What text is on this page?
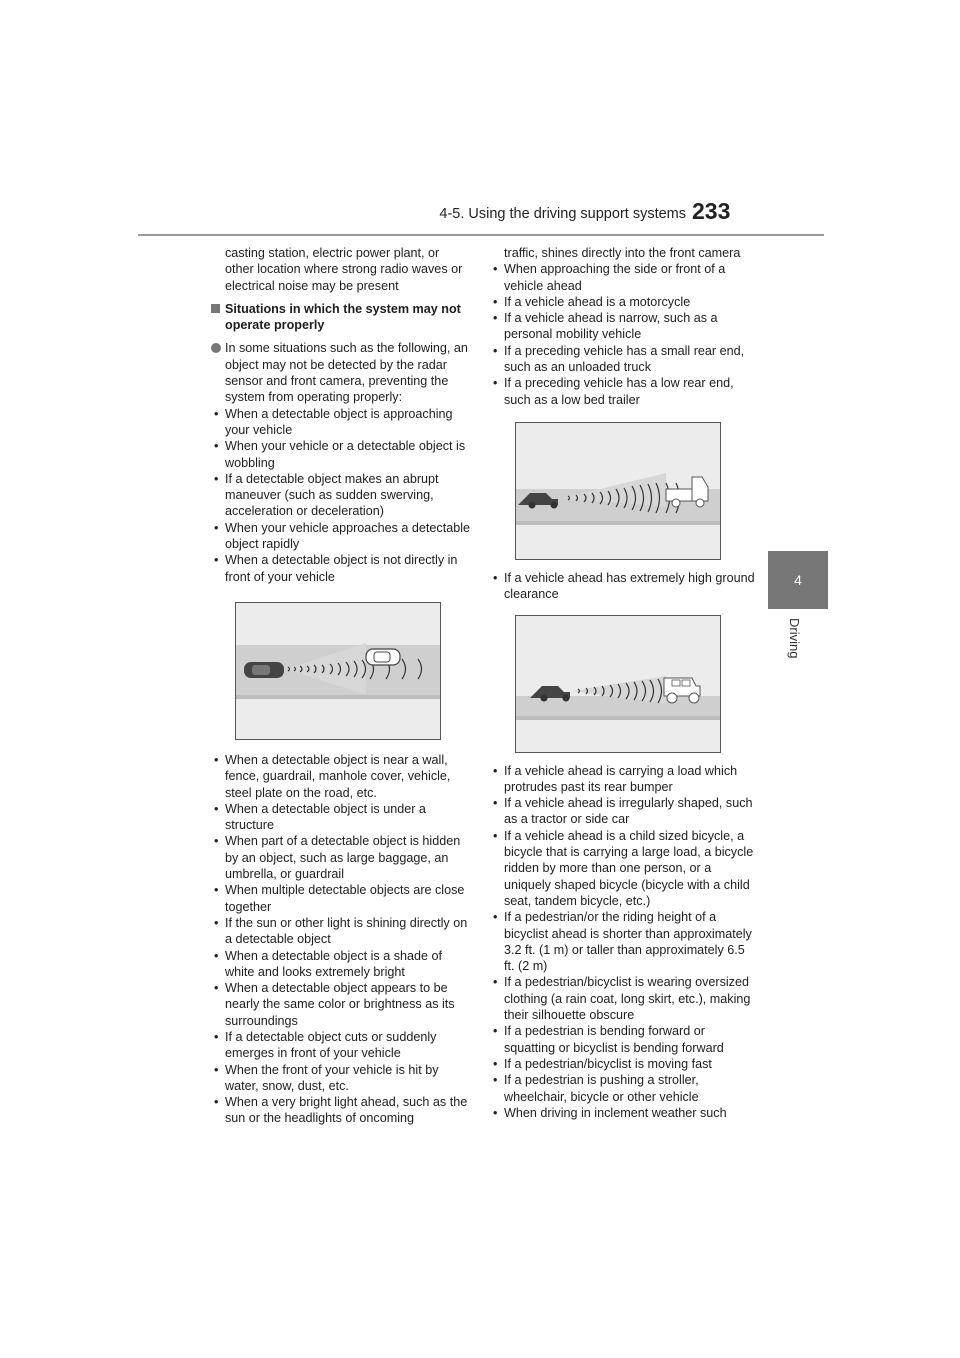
4-5. Using the driving support systems 233
4
Driving
casting station, electric power plant, or other location where strong radio waves or electrical noise may be present
Situations in which the system may not operate properly
In some situations such as the following, an object may not be detected by the radar sensor and front camera, preventing the system from operating properly:
• When a detectable object is approaching your vehicle
• When your vehicle or a detectable object is wobbling
• If a detectable object makes an abrupt maneuver (such as sudden swerving, acceleration or deceleration)
• When your vehicle approaches a detectable object rapidly
• When a detectable object is not directly in front of your vehicle
• When a detectable object is near a wall, fence, guardrail, manhole cover, vehicle, steel plate on the road, etc.
• When a detectable object is under a structure
• When part of a detectable object is hidden by an object, such as large baggage, an umbrella, or guardrail
• When multiple detectable objects are close together
• If the sun or other light is shining directly on a detectable object
• When a detectable object is a shade of white and looks extremely bright
• When a detectable object appears to be nearly the same color or brightness as its surroundings
• If a detectable object cuts or suddenly emerges in front of your vehicle
• When the front of your vehicle is hit by water, snow, dust, etc.
• When a very bright light ahead, such as the sun or the headlights of oncoming
traffic, shines directly into the front camera
• When approaching the side or front of a vehicle ahead
• If a vehicle ahead is a motorcycle
• If a vehicle ahead is narrow, such as a personal mobility vehicle
• If a preceding vehicle has a small rear end, such as an unloaded truck
• If a preceding vehicle has a low rear end, such as a low bed trailer
• If a vehicle ahead has extremely high ground clearance
• If a vehicle ahead is carrying a load which protrudes past its rear bumper
• If a vehicle ahead is irregularly shaped, such as a tractor or side car
• If a vehicle ahead is a child sized bicycle, a bicycle that is carrying a large load, a bicycle ridden by more than one person, or a uniquely shaped bicycle (bicycle with a child seat, tandem bicycle, etc.)
• If a pedestrian/or the riding height of a bicyclist ahead is shorter than approximately 3.2 ft. (1 m) or taller than approximately 6.5 ft. (2 m)
• If a pedestrian/bicyclist is wearing oversized clothing (a rain coat, long skirt, etc.), making their silhouette obscure
• If a pedestrian is bending forward or squatting or bicyclist is bending forward
• If a pedestrian/bicyclist is moving fast
• If a pedestrian is pushing a stroller, wheelchair, bicycle or other vehicle
• When driving in inclement weather such
